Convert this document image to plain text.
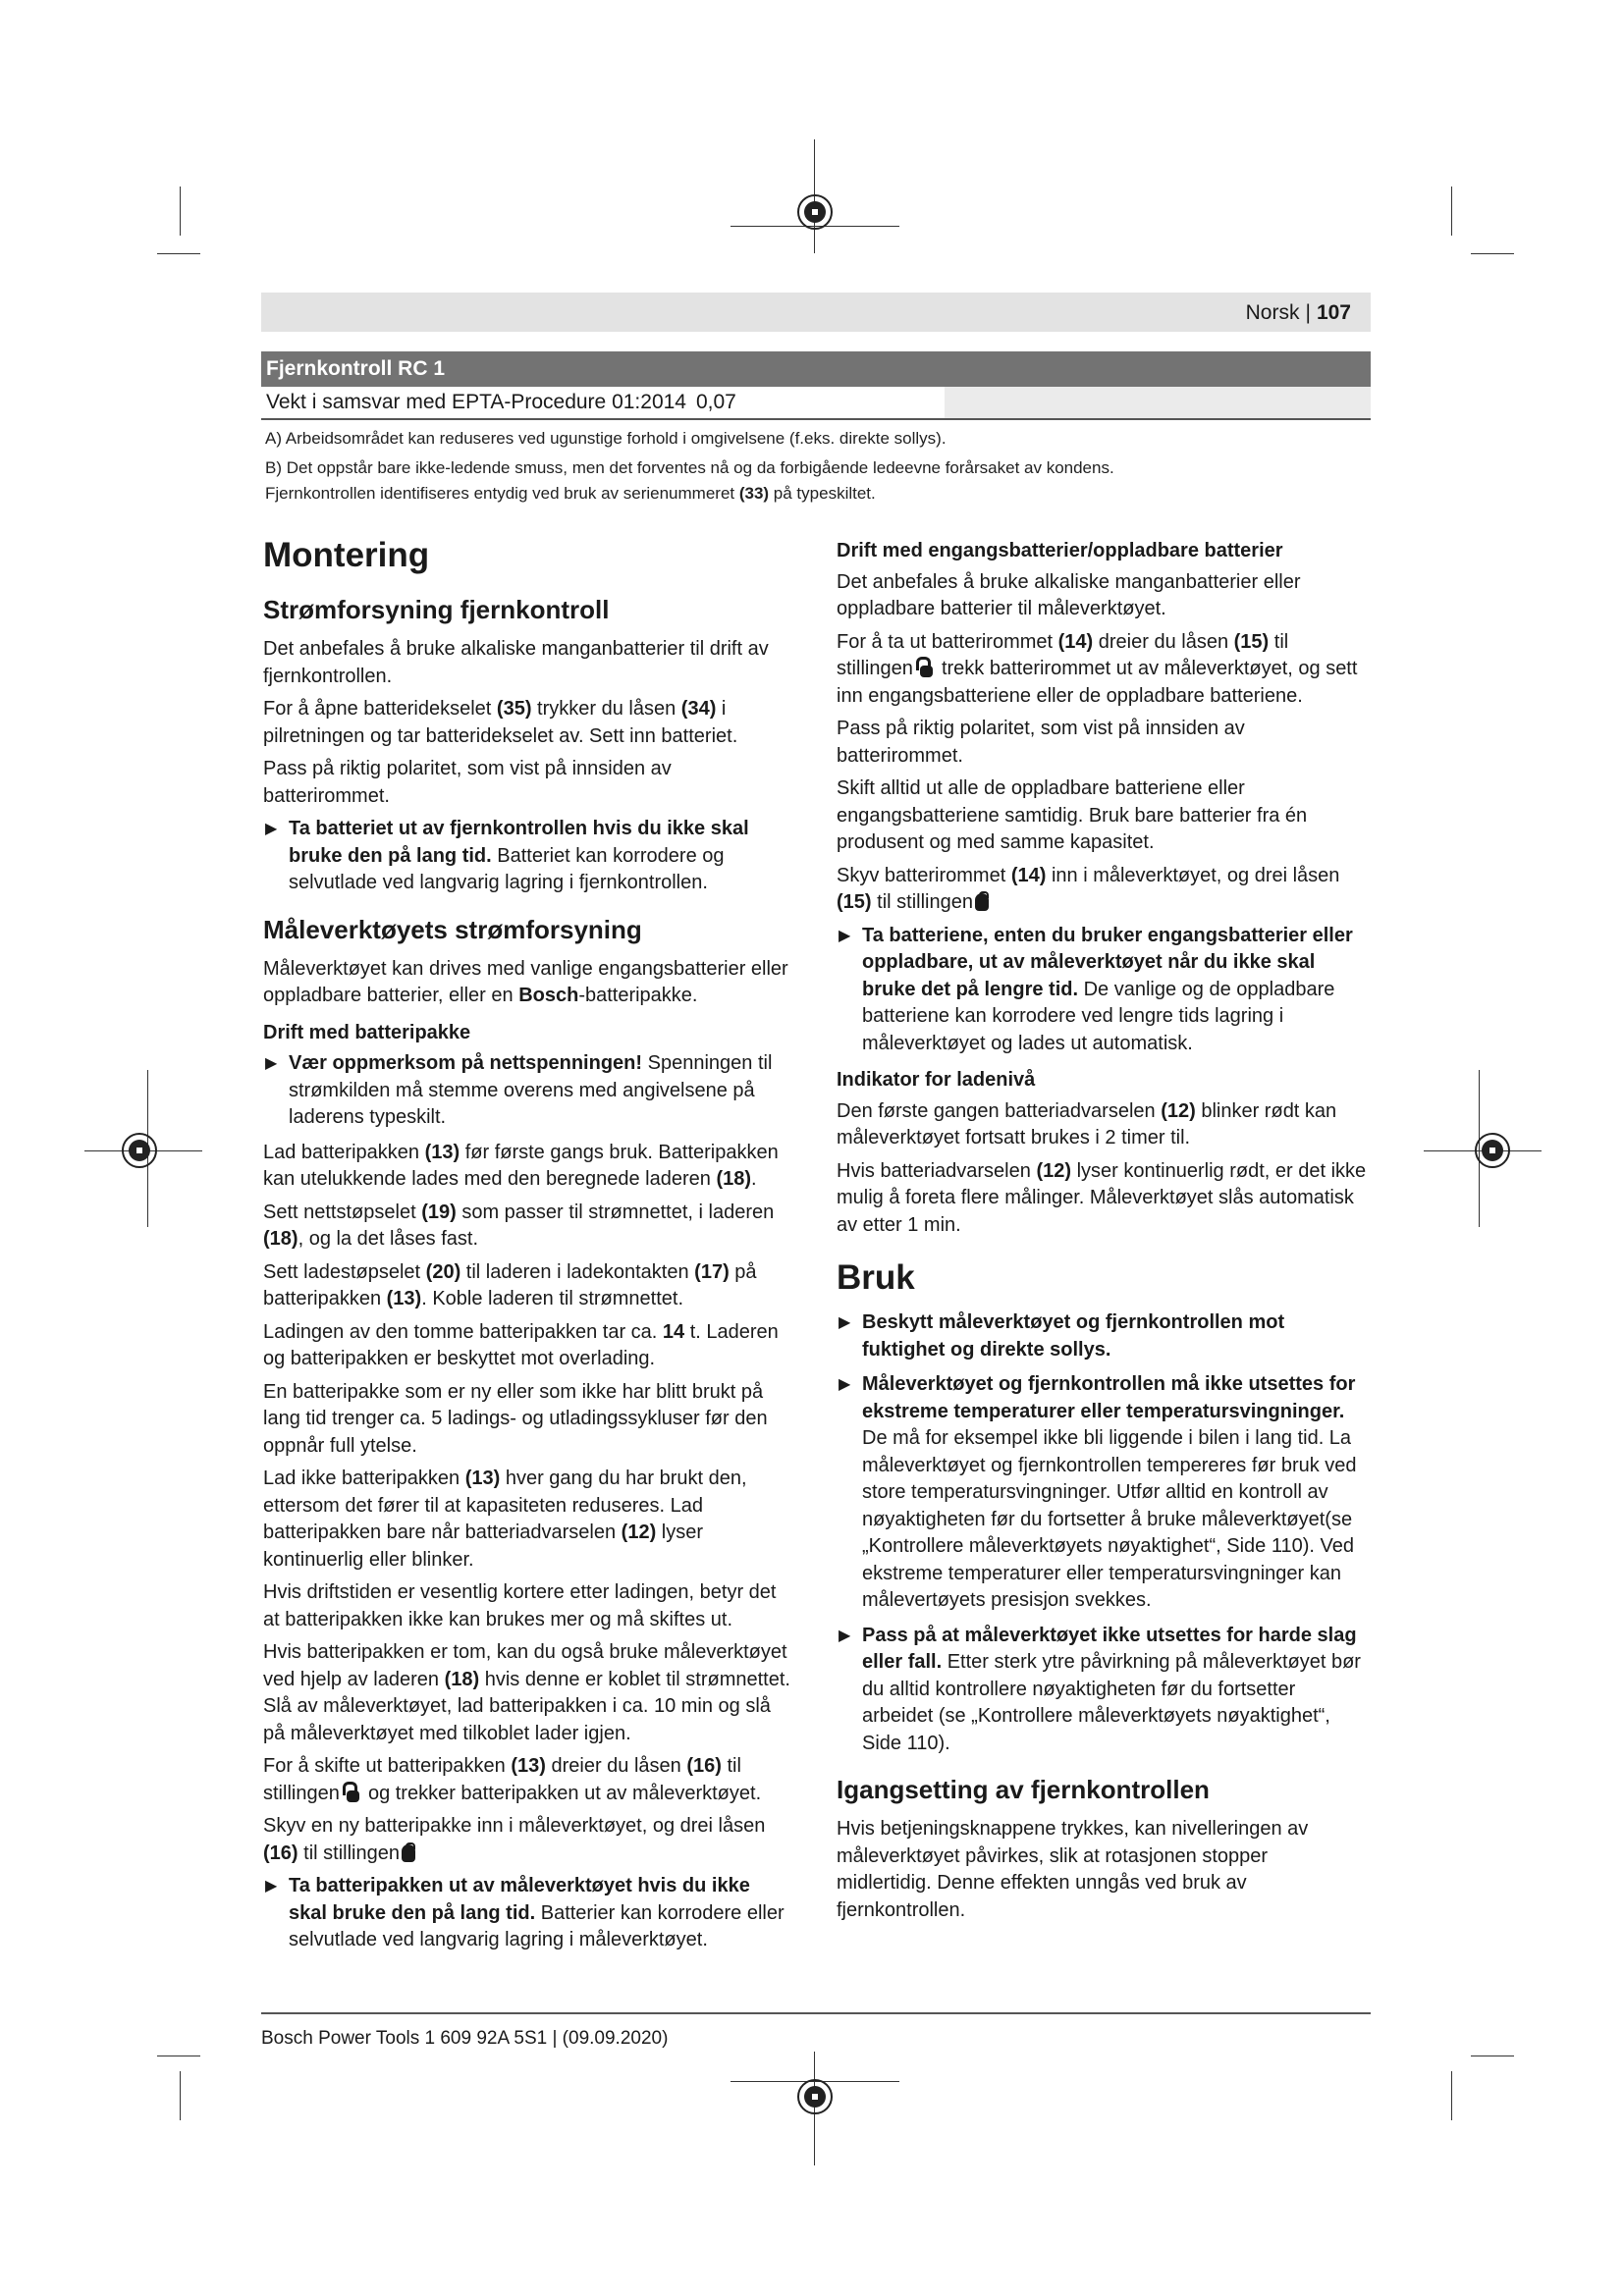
Norsk | 107
Fjernkontroll RC 1
Vekt i samsvar med EPTA-Procedure 01:2014 0,07
A) Arbeidsområdet kan reduseres ved ugunstige forhold i omgivelsene (f.eks. direkte sollys).
B) Det oppstår bare ikke-ledende smuss, men det forventes nå og da forbigående ledeevne forårsaket av kondens.
Fjernkontrollen identifiseres entydig ved bruk av serienummeret (33) på typeskiltet.
Montering
Strømforsyning fjernkontroll

Det anbefales å bruke alkaliske manganbatterier til drift av fjernkontrollen.

For å åpne batteridekselet (35) trykker du låsen (34) i pilretningen og tar batteridekselet av. Sett inn batteriet.

Pass på riktig polaritet, som vist på innsiden av batterirommet.

▶ Ta batteriet ut av fjernkontrollen hvis du ikke skal bruke den på lang tid. Batteriet kan korrodere og selvutlade ved langvarig lagring i fjernkontrollen.
Måleverktøyets strømforsyning

Måleverktøyet kan drives med vanlige engangsbatterier eller oppladbare batterier, eller en Bosch-batteripakke.

Drift med batteripakke
▶ Vær oppmerksom på nettspenningen! Spenningen til strømkilden må stemme overens med angivelsene på laderens typeskilt.

Lad batteripakken (13) før første gangs bruk. Batteripakken kan utelukkende lades med den beregnede laderen (18).

Sett nettstøpselet (19) som passer til strømnettet, i laderen (18), og la det låses fast.

Sett ladestøpselet (20) til laderen i ladekontakten (17) på batteripakken (13). Koble laderen til strømnettet.

Ladingen av den tomme batteripakken tar ca. 14 t. Laderen og batteripakken er beskyttet mot overlading.

En batteripakke som er ny eller som ikke har blitt brukt på lang tid trenger ca. 5 ladings- og utladingssykluser før den oppnår full ytelse.

Lad ikke batteripakken (13) hver gang du har brukt den, ettersom det fører til at kapasiteten reduseres. Lad batteripakken bare når batteriadvarselen (12) lyser kontinuerlig eller blinker.

Hvis driftstiden er vesentlig kortere etter ladingen, betyr det at batteripakken ikke kan brukes mer og må skiftes ut.

Hvis batteripakken er tom, kan du også bruke måleverktøyet ved hjelp av laderen (18) hvis denne er koblet til strømnettet. Slå av måleverktøyet, lad batteripakken i ca. 10 min og slå på måleverktøyet med tilkoblet lader igjen.

For å skifte ut batteripakken (13) dreier du låsen (16) til stillingen  og trekker batteripakken ut av måleverktøyet.

Skyv en ny batteripakke inn i måleverktøyet, og drei låsen (16) til stillingen

▶ Ta batteripakken ut av måleverktøyet hvis du ikke skal bruke den på lang tid. Batterier kan korrodere eller selvutlade ved langvarig lagring i måleverktøyet.
Drift med engangsbatterier/oppladbare batterier

Det anbefales å bruke alkaliske manganbatterier eller oppladbare batterier til måleverktøyet.

For å ta ut batterirommet (14) dreier du låsen (15) til stillingen  trekk batterirommet ut av måleverktøyet, og sett inn engangsbatteriene eller de oppladbare batteriene.

Pass på riktig polaritet, som vist på innsiden av batterirommet.

Skift alltid ut alle de oppladbare batteriene eller engangsbatteriene samtidig. Bruk bare batterier fra én produsent og med samme kapasitet.

Skyv batterirommet (14) inn i måleverktøyet, og drei låsen (15) til stillingen

▶ Ta batteriene, enten du bruker engangsbatterier eller oppladbare, ut av måleverktøyet når du ikke skal bruke det på lengre tid. De vanlige og de oppladbare batteriene kan korrodere ved lengre tids lagring i måleverktøyet og lades ut automatisk.
Indikator for ladenivå

Den første gangen batteriadvarselen (12) blinker rødt kan måleverktøyet fortsatt brukes i 2 timer til.

Hvis batteriadvarselen (12) lyser kontinuerlig rødt, er det ikke mulig å foreta flere målinger. Måleverktøyet slås automatisk av etter 1 min.

Bruk
▶ Beskytt måleverktøyet og fjernkontrollen mot fuktighet og direkte sollys.
▶ Måleverktøyet og fjernkontrollen må ikke utsettes for ekstreme temperaturer eller temperatursvingninger. De må for eksempel ikke bli liggende i bilen i lang tid. La måleverktøyet og fjernkontrollen tempereres før bruk ved store temperatursvingninger. Utfør alltid en kontroll av nøyaktigheten før du fortsetter å bruke måleverktøyet(se „Kontrollere måleverktøyets nøyaktighet“, Side 110). Ved ekstreme temperaturer eller temperatursvingninger kan målevertøyets presisjon svekkes.
▶ Pass på at måleverktøyet ikke utsettes for harde slag eller fall. Etter sterk ytre påvirkning på måleverktøyet bør du alltid kontrollere nøyaktigheten før du fortsetter arbeidet (se „Kontrollere måleverktøyets nøyaktighet“, Side 110).
Igangsetting av fjernkontrollen

Hvis betjeningsknappene trykkes, kan nivelleringen av måleverktøyet påvirkes, slik at rotasjonen stopper midlertidig. Denne effekten unngås ved bruk av fjernkontrollen.

Bosch Power Tools 1 609 92A 5S1 | (09.09.2020)
